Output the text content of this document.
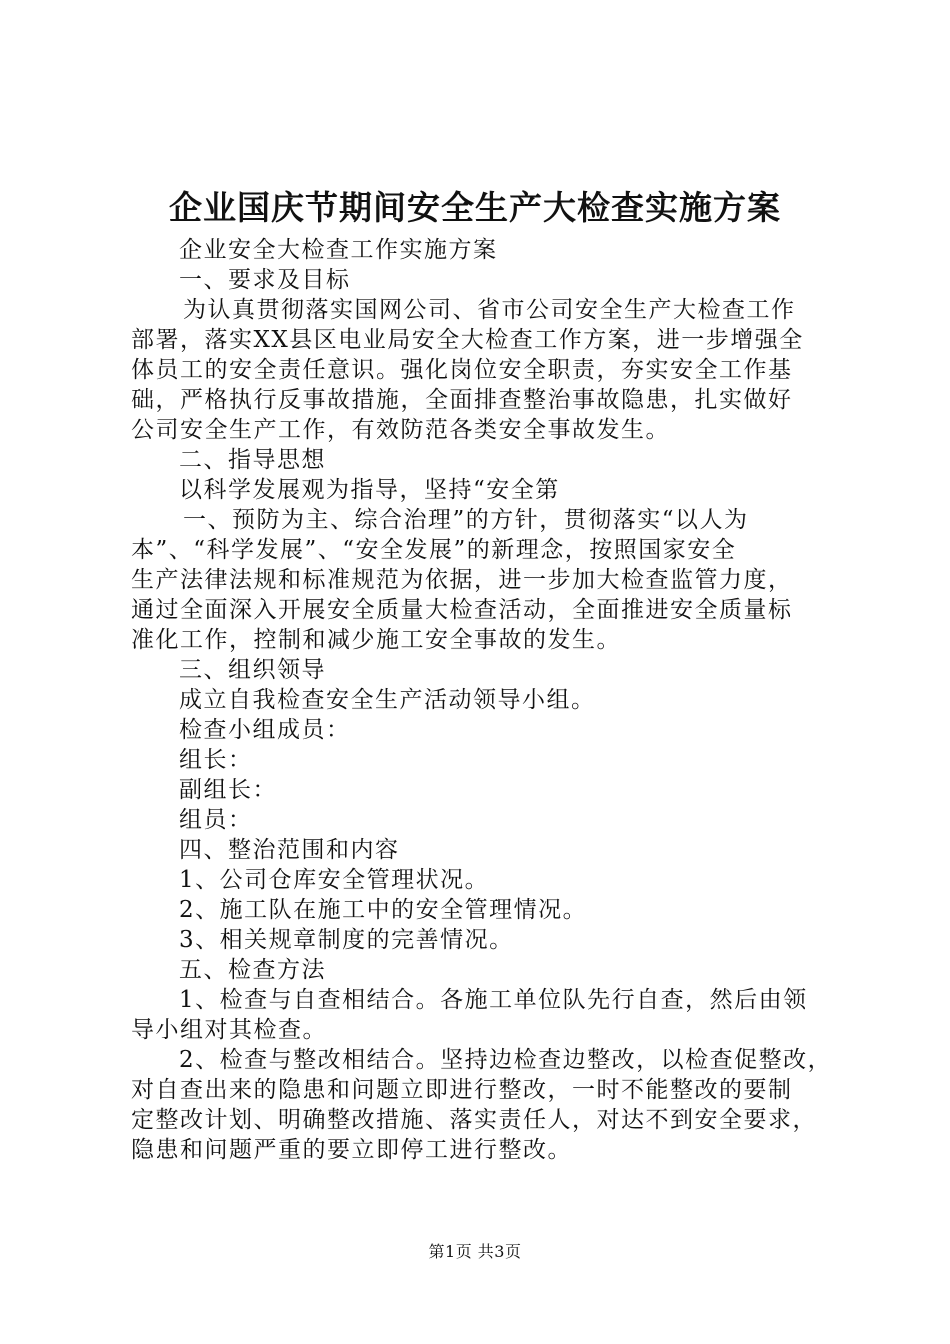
企业国庆节期间安全生产大检查实施方案
企业安全大检查工作实施方案
一、要求及目标
为认真贯彻落实国网公司、省市公司安全生产大检查工作
部署，落实XX县区电业局安全大检查工作方案，进一步增强全
体员工的安全责任意识。强化岗位安全职责，夯实安全工作基
础，严格执行反事故措施，全面排查整治事故隐患，扎实做好
公司安全生产工作，有效防范各类安全事故发生。
二、指导思想
以科学发展观为指导，坚持“安全第
一、预防为主、综合治理”的方针，贯彻落实“以人为
本”、“科学发展”、“安全发展”的新理念，按照国家安全
生产法律法规和标准规范为依据，进一步加大检查监管力度，
通过全面深入开展安全质量大检查活动，全面推进安全质量标
准化工作，控制和减少施工安全事故的发生。
三、组织领导
成立自我检查安全生产活动领导小组。
检查小组成员：
组长：
副组长：
组员：
四、整治范围和内容
1、公司仓库安全管理状况。
2、施工队在施工中的安全管理情况。
3、相关规章制度的完善情况。
五、检查方法
1、检查与自查相结合。各施工单位队先行自查，然后由领
导小组对其检查。
2、检查与整改相结合。坚持边检查边整改，以检查促整改，
对自查出来的隐患和问题立即进行整改，一时不能整改的要制
定整改计划、明确整改措施、落实责任人，对达不到安全要求，
隐患和问题严重的要立即停工进行整改。
第1页 共3页
